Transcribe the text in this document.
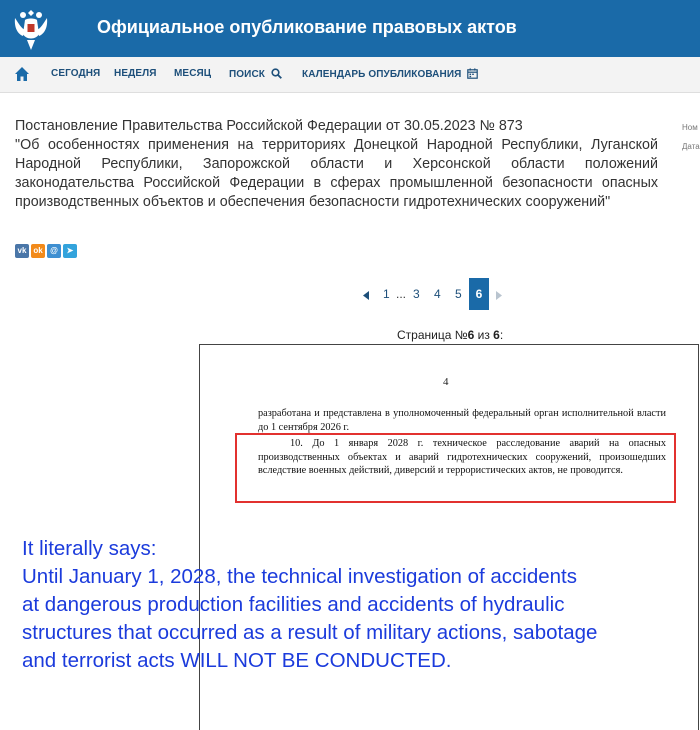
Официальное опубликование правовых актов
СЕГОДНЯ НЕДЕЛЯ МЕСЯЦ ПОИСК	КАЛЕНДАРЬ ОПУБЛИКОВАНИЯ
Постановление Правительства Российской Федерации от 30.05.2023 № 873
"Об особенностях применения на территориях Донецкой Народной Республики, Луганской Народной Республики, Запорожской области и Херсонской области положений законодательства Российской Федерации в сферах промышленной безопасности опасных производственных объектов и обеспечения безопасности гидротехнических сооружений"
Ном
Дата
vk ok @ ➤
1 ... 3 4 5	6
Страница №6 из 6:
4
разработана и представлена в уполномоченный федеральный орган исполнительной власти до 1 сентября 2026 г.
10. До 1 января 2028 г. техническое расследование аварий на опасных производственных объектах и аварий гидротехнических сооружений, произошедших вследствие военных действий, диверсий и террористических актов, не проводится.
It literally says:
Until January 1, 2028, the technical investigation of accidents
at dangerous production facilities and accidents of hydraulic
structures that occurred as a result of military actions, sabotage
and terrorist acts WILL NOT BE CONDUCTED.
